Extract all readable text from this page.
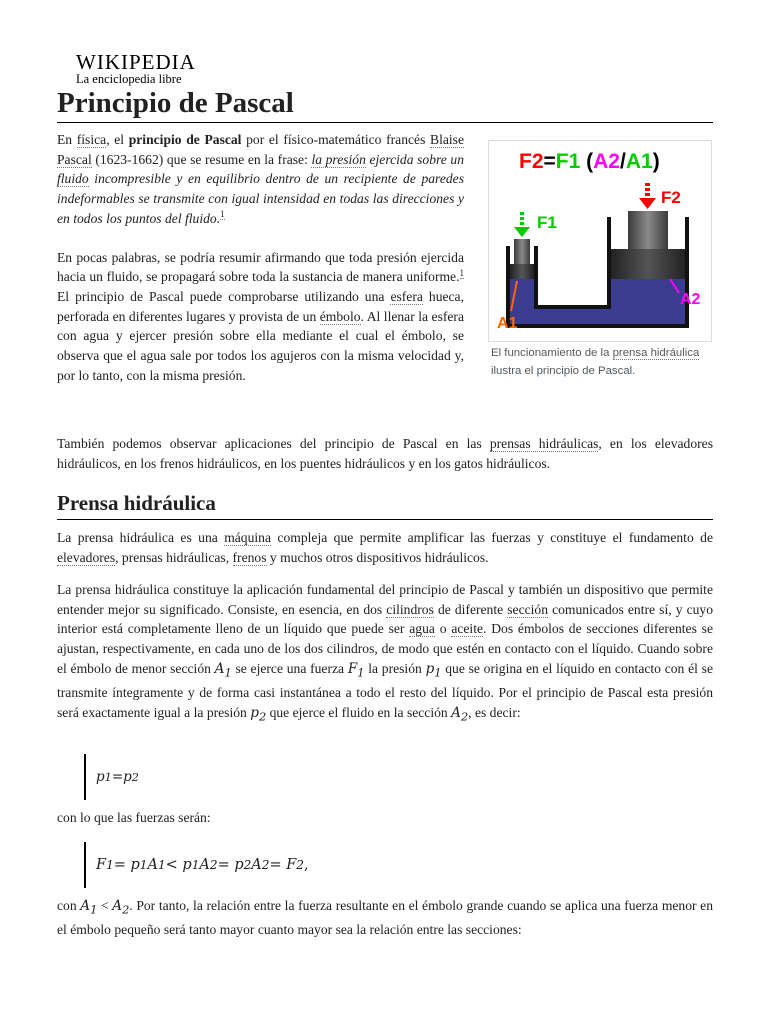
WIKIPEDIA
La enciclopedia libre
Principio de Pascal

En física, el principio de Pascal por el físico-matemático francés Blaise Pascal (1623-1662) que se resume en la frase: la presión ejercida sobre un fluido incompresible y en equilibrio dentro de un recipiente de paredes indeformables se transmite con igual intensidad en todas las direcciones y en todos los puntos del fluido.$^1$

En pocas palabras, se podría resumir afirmando que toda presión ejercida hacia un fluido, se propagará sobre toda la sustancia de manera uniforme.$^1$ El principio de Pascal puede comprobarse utilizando una esfera hueca, perforada en diferentes lugares y provista de un émbolo. Al llenar la esfera con agua y ejercer presión sobre ella mediante el cual el émbolo, se observa que el agua sale por todos los agujeros con la misma velocidad y, por lo tanto, con la misma presión.

F2=F1 (A2/A1)
F1
F2
A1
A2
El funcionamiento de la prensa hidráulica ilustra el principio de Pascal.

También podemos observar aplicaciones del principio de Pascal en las prensas hidráulicas, en los elevadores hidráulicos, en los frenos hidráulicos, en los puentes hidráulicos y en los gatos hidráulicos.

Prensa hidráulica

La prensa hidráulica es una máquina compleja que permite amplificar las fuerzas y constituye el fundamento de elevadores, prensas hidráulicas, frenos y muchos otros dispositivos hidráulicos.

La prensa hidráulica constituye la aplicación fundamental del principio de Pascal y también un dispositivo que permite entender mejor su significado. Consiste, en esencia, en dos cilindros de diferente sección comunicados entre sí, y cuyo interior está completamente lleno de un líquido que puede ser agua o aceite. Dos émbolos de secciones diferentes se ajustan, respectivamente, en cada uno de los dos cilindros, de modo que estén en contacto con el líquido. Cuando sobre el émbolo de menor sección $A_1$ se ejerce una fuerza $F_1$ la presión $p_1$ que se origina en el líquido en contacto con él se transmite íntegramente y de forma casi instantánea a todo el resto del líquido. Por el principio de Pascal esta presión será exactamente igual a la presión $p_2$ que ejerce el fluido en la sección $A_2$, es decir:

p 1 = p 2

con lo que las fuerzas serán:

F 1 = p 1 A 1 < p 1 A 2 = p 2 A 2 = F 2 ,

con $A_1 < A_2$. Por tanto, la relación entre la fuerza resultante en el émbolo grande cuando se aplica una fuerza menor en el émbolo pequeño será tanto mayor cuanto mayor sea la relación entre las secciones:
